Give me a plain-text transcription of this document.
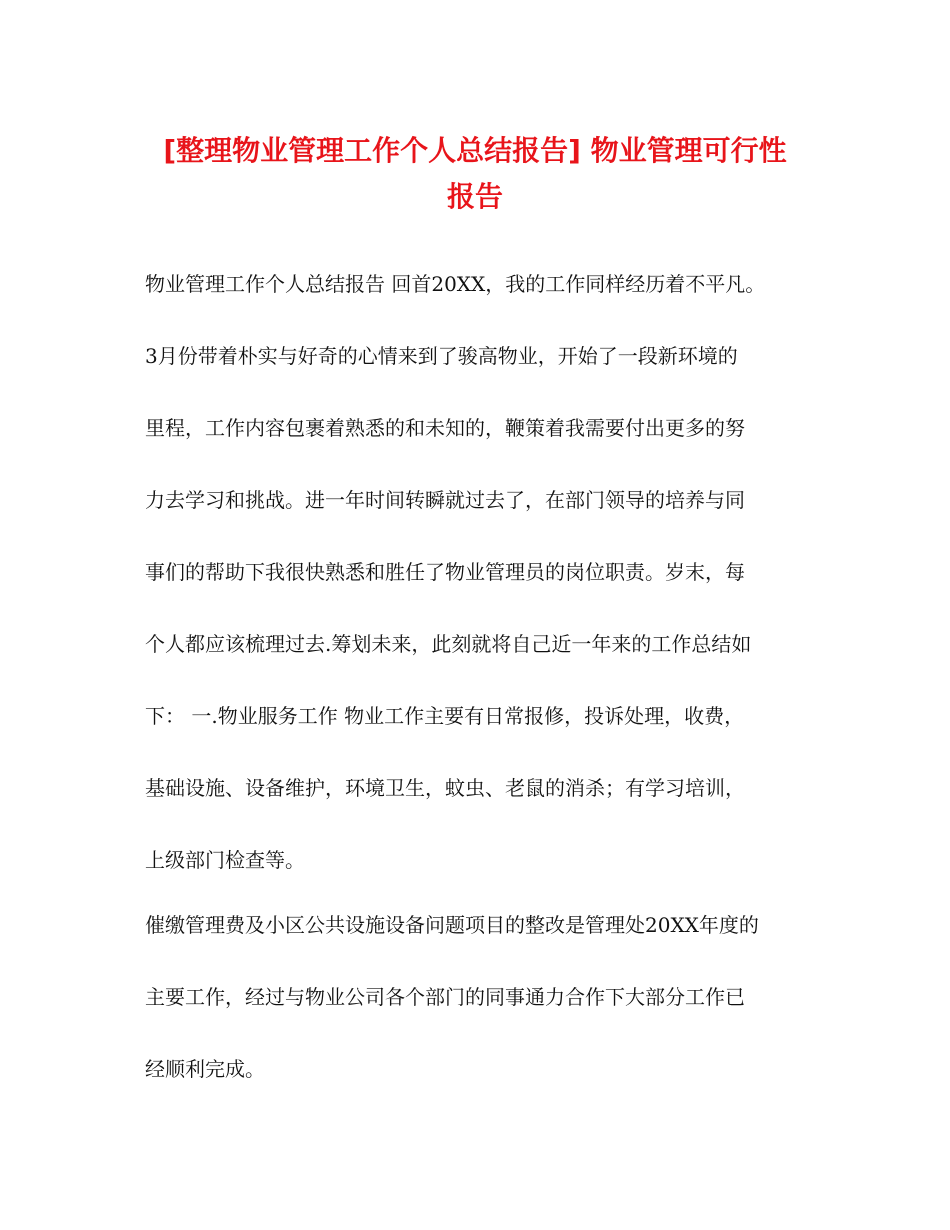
[整理物业管理工作个人总结报告] 物业管理可行性
报告

物业管理工作个人总结报告 回首20XX，我的工作同样经历着不平凡。

3月份带着朴实与好奇的心情来到了骏高物业，开始了一段新环境的

里程，工作内容包裹着熟悉的和未知的，鞭策着我需要付出更多的努

力去学习和挑战。进一年时间转瞬就过去了，在部门领导的培养与同

事们的帮助下我很快熟悉和胜任了物业管理员的岗位职责。岁末，每

个人都应该梳理过去.筹划未来，此刻就将自己近一年来的工作总结如

下： 一.物业服务工作 物业工作主要有日常报修，投诉处理，收费，

基础设施、设备维护，环境卫生，蚊虫、老鼠的消杀；有学习培训，

上级部门检查等。

催缴管理费及小区公共设施设备问题项目的整改是管理处20XX年度的

主要工作，经过与物业公司各个部门的同事通力合作下大部分工作已

经顺利完成。
